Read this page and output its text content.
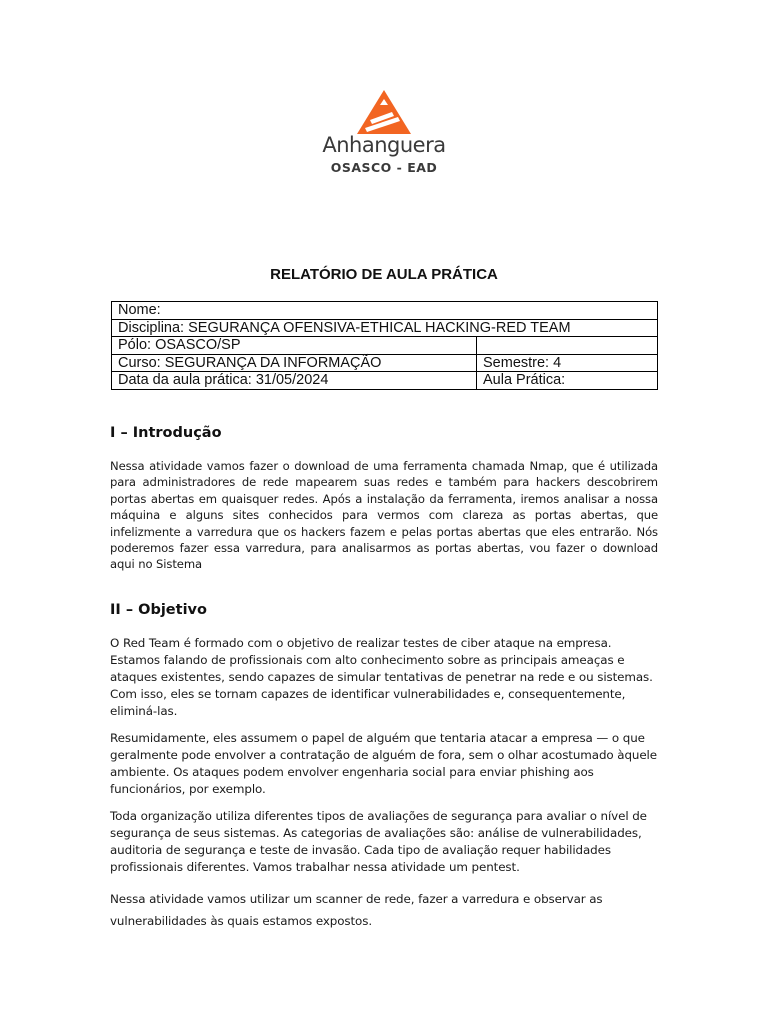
Anhanguera
OSASCO - EAD
RELATÓRIO DE AULA PRÁTICA
Nome:	
Disciplina: SEGURANÇA OFENSIVA-ETHICAL HACKING-RED TEAM	
Pólo: OSASCO/SP	
Curso: SEGURANÇA DA INFORMAÇÃO	Semestre: 4
Data da aula prática: 31/05/2024	Aula Prática:
I – Introdução

Nessa atividade vamos fazer o download de uma ferramenta chamada Nmap, que é utilizada para administradores de rede mapearem suas redes e também para hackers descobrirem portas abertas em quaisquer redes. Após a instalação da ferramenta, iremos analisar a nossa máquina e alguns sites conhecidos para vermos com clareza as portas abertas, que infelizmente a varredura que os hackers fazem e pelas portas abertas que eles entrarão. Nós poderemos fazer essa varredura, para analisarmos as portas abertas, vou fazer o download aqui no Sistema

II – Objetivo

O Red Team é formado com o objetivo de realizar testes de ciber ataque na empresa. Estamos falando de profissionais com alto conhecimento sobre as principais ameaças e ataques existentes, sendo capazes de simular tentativas de penetrar na rede e ou sistemas. Com isso, eles se tornam capazes de identificar vulnerabilidades e, consequentemente, eliminá-las.

Resumidamente, eles assumem o papel de alguém que tentaria atacar a empresa — o que geralmente pode envolver a contratação de alguém de fora, sem o olhar acostumado àquele ambiente. Os ataques podem envolver engenharia social para enviar phishing aos funcionários, por exemplo.

Toda organização utiliza diferentes tipos de avaliações de segurança para avaliar o nível de segurança de seus sistemas. As categorias de avaliações são: análise de vulnerabilidades, auditoria de segurança e teste de invasão. Cada tipo de avaliação requer habilidades profissionais diferentes. Vamos trabalhar nessa atividade um pentest.

Nessa atividade vamos utilizar um scanner de rede, fazer a varredura e observar as vulnerabilidades às quais estamos expostos.
